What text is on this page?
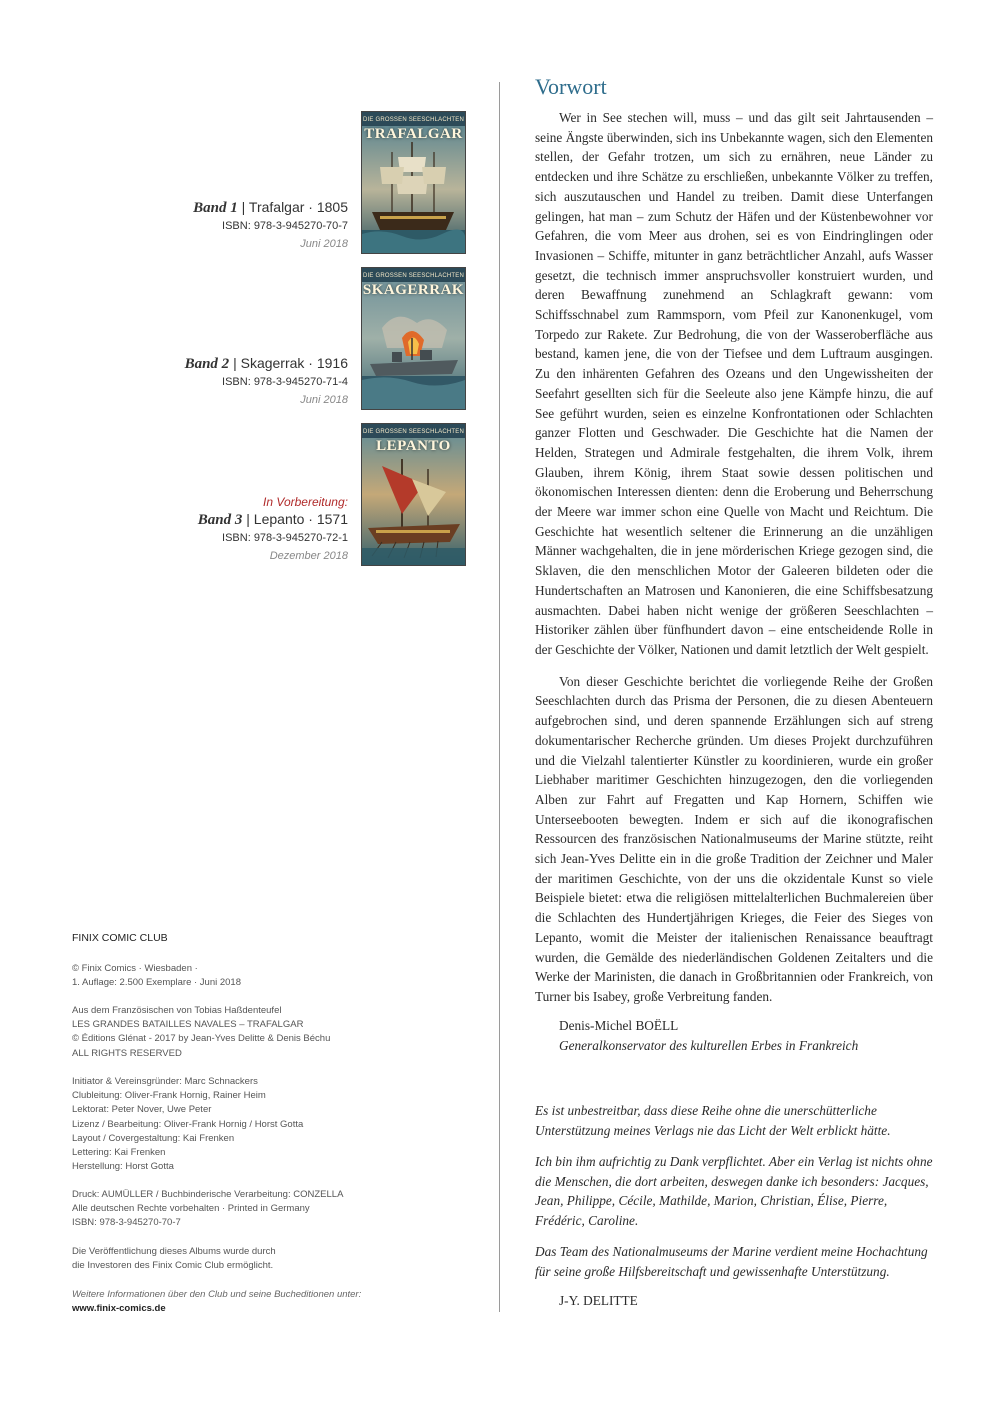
Band 1 | Trafalgar · 1805
ISBN: 978-3-945270-70-7
Juni 2018
DIE GROSSEN SEESCHLACHTEN
TRAFALGAR
Band 2 | Skagerrak · 1916
ISBN: 978-3-945270-71-4
Juni 2018
DIE GROSSEN SEESCHLACHTEN
SKAGERRAK
In Vorbereitung:
Band 3 | Lepanto · 1571
ISBN: 978-3-945270-72-1
Dezember 2018
DIE GROSSEN SEESCHLACHTEN
LEPANTO
FINIX COMIC CLUB

© Finix Comics · Wiesbaden ·

1. Auflage: 2.500 Exemplare · Juni 2018

Aus dem Französischen von Tobias Haßdenteufel

LES GRANDES BATAILLES NAVALES – TRAFALGAR

© Éditions Glénat - 2017 by Jean-Yves Delitte & Denis Béchu

ALL RIGHTS RESERVED

Initiator & Vereinsgründer: Marc Schnackers

Clubleitung: Oliver-Frank Hornig, Rainer Heim

Lektorat: Peter Nover, Uwe Peter

Lizenz / Bearbeitung: Oliver-Frank Hornig / Horst Gotta

Layout / Covergestaltung: Kai Frenken

Lettering: Kai Frenken

Herstellung: Horst Gotta

Druck: AUMÜLLER / Buchbinderische Verarbeitung: CONZELLA

Alle deutschen Rechte vorbehalten · Printed in Germany

ISBN: 978-3-945270-70-7

Die Veröffentlichung dieses Albums wurde durch

die Investoren des Finix Comic Club ermöglicht.

Weitere Informationen über den Club und seine Bucheditionen unter:

www.finix-comics.de

Vorwort

Wer in See stechen will, muss – und das gilt seit Jahrtausenden – seine Ängste überwinden, sich ins Unbekannte wagen, sich den Elementen stellen, der Gefahr trotzen, um sich zu ernähren, neue Länder zu entdecken und ihre Schätze zu erschließen, unbekannte Völker zu treffen, sich auszutauschen und Handel zu treiben. Damit diese Unterfangen gelingen, hat man – zum Schutz der Häfen und der Küstenbewohner vor Gefahren, die vom Meer aus drohen, sei es von Eindringlingen oder Invasionen – Schiffe, mitunter in ganz beträchtlicher Anzahl, aufs Wasser gesetzt, die technisch immer anspruchsvoller konstruiert wurden, und deren Bewaffnung zunehmend an Schlagkraft gewann: vom Schiffsschnabel zum Rammsporn, vom Pfeil zur Kanonenkugel, vom Torpedo zur Rakete. Zur Bedrohung, die von der Wasseroberfläche aus bestand, kamen jene, die von der Tiefsee und dem Luftraum ausgingen. Zu den inhärenten Gefahren des Ozeans und den Ungewissheiten der Seefahrt gesellten sich für die Seeleute also jene Kämpfe hinzu, die auf See geführt wurden, seien es einzelne Konfrontationen oder Schlachten ganzer Flotten und Geschwader. Die Geschichte hat die Namen der Helden, Strategen und Admirale festgehalten, die ihrem Volk, ihrem Glauben, ihrem König, ihrem Staat sowie dessen politischen und ökonomischen Interessen dienten: denn die Eroberung und Beherrschung der Meere war immer schon eine Quelle von Macht und Reichtum. Die Geschichte hat wesentlich seltener die Erinnerung an die unzähligen Männer wachgehalten, die in jene mörderischen Kriege gezogen sind, die Sklaven, die den menschlichen Motor der Galeeren bildeten oder die Hundertschaften an Matrosen und Kanonieren, die eine Schiffsbesatzung ausmachten. Dabei haben nicht wenige der größeren Seeschlachten – Historiker zählen über fünfhundert davon – eine entscheidende Rolle in der Geschichte der Völker, Nationen und damit letztlich der Welt gespielt.

Von dieser Geschichte berichtet die vorliegende Reihe der Großen Seeschlachten durch das Prisma der Personen, die zu diesen Abenteuern aufgebrochen sind, und deren spannende Erzählungen sich auf streng dokumentarischer Recherche gründen. Um dieses Projekt durchzuführen und die Vielzahl talentierter Künstler zu koordinieren, wurde ein großer Liebhaber maritimer Geschichten hinzugezogen, den die vorliegenden Alben zur Fahrt auf Fregatten und Kap Hornern, Schiffen wie Unterseebooten bewegten. Indem er sich auf die ikonografischen Ressourcen des französischen Nationalmuseums der Marine stützte, reiht sich Jean-Yves Delitte ein in die große Tradition der Zeichner und Maler der maritimen Geschichte, von der uns die okzidentale Kunst so viele Beispiele bietet: etwa die religiösen mittelalterlichen Buchmalereien über die Schlachten des Hundertjährigen Krieges, die Feier des Sieges von Lepanto, womit die Meister der italienischen Renaissance beauftragt wurden, die Gemälde des niederländischen Goldenen Zeitalters und die Werke der Marinisten, die danach in Großbritannien oder Frankreich, von Turner bis Isabey, große Verbreitung fanden.

Denis-Michel BOËLL
Generalkonservator des kulturellen Erbes in Frankreich
Es ist unbestreitbar, dass diese Reihe ohne die unerschütterliche Unterstützung meines Verlags nie das Licht der Welt erblickt hätte.
Ich bin ihm aufrichtig zu Dank verpflichtet. Aber ein Verlag ist nichts ohne die Menschen, die dort arbeiten, deswegen danke ich besonders: Jacques, Jean, Philippe, Cécile, Mathilde, Marion, Christian, Élise, Pierre, Frédéric, Caroline.
Das Team des Nationalmuseums der Marine verdient meine Hochachtung für seine große Hilfsbereitschaft und gewissenhafte Unterstützung.
J-Y. DELITTE
